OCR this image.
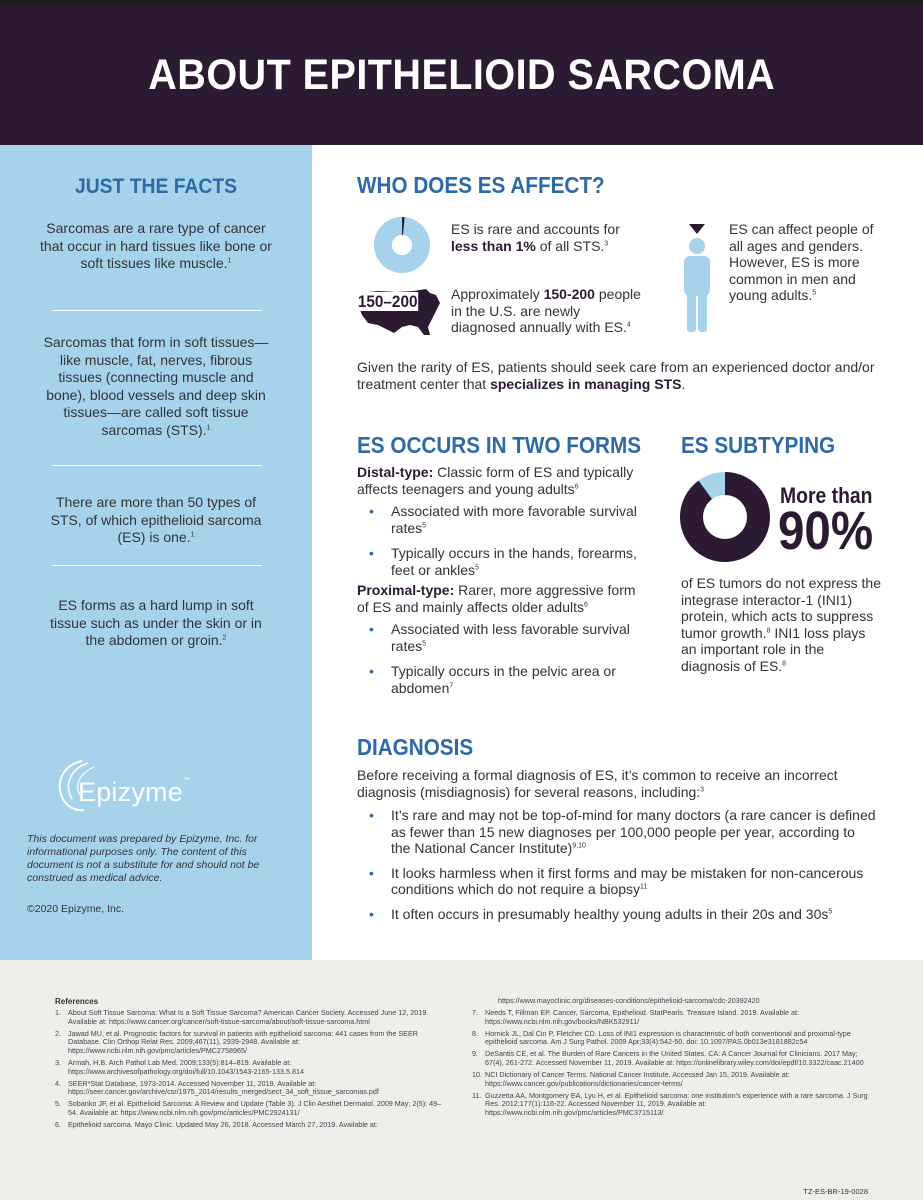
ABOUT EPITHELIOID SARCOMA
JUST THE FACTS
Sarcomas are a rare type of cancer that occur in hard tissues like bone or soft tissues like muscle.$^1$
Sarcomas that form in soft tissues—like muscle, fat, nerves, fibrous tissues (connecting muscle and bone), blood vessels and deep skin tissues—are called soft tissue sarcomas (STS).$^1$
There are more than 50 types of STS, of which epithelioid sarcoma (ES) is one.$^1$
ES forms as a hard lump in soft tissue such as under the skin or in the abdomen or groin.$^2$
Epizyme™
This document was prepared by Epizyme, Inc. for informational purposes only. The content of this document is not a substitute for and should not be construed as medical advice.
©2020 Epizyme, Inc.
WHO DOES ES AFFECT?
ES is rare and accounts for less than 1% of all STS.$^3$
150–200 Approximately 150-200 people in the U.S. are newly diagnosed annually with ES.$^4$
ES can affect people of all ages and genders. However, ES is more common in men and young adults.$^5$
Given the rarity of ES, patients should seek care from an experienced doctor and/or treatment center that specializes in managing STS.
ES OCCURS IN TWO FORMS
Distal-type: Classic form of ES and typically affects teenagers and young adults$^6$
• Associated with more favorable survival rates$^5$
• Typically occurs in the hands, forearms, feet or ankles$^5$
Proximal-type: Rarer, more aggressive form of ES and mainly affects older adults$^6$
• Associated with less favorable survival rates$^5$
• Typically occurs in the pelvic area or abdomen$^7$
ES SUBTYPING
More than
90%
of ES tumors do not express the integrase interactor-1 (INI1) protein, which acts to suppress tumor growth.$^8$ INI1 loss plays an important role in the diagnosis of ES.$^8$
DIAGNOSIS
Before receiving a formal diagnosis of ES, it’s common to receive an incorrect diagnosis (misdiagnosis) for several reasons, including:$^3$
• It’s rare and may not be top-of-mind for many doctors (a rare cancer is defined as fewer than 15 new diagnoses per 100,000 people per year, according to the National Cancer Institute)$^{9,10}$
• It looks harmless when it first forms and may be mistaken for non-cancerous conditions which do not require a biopsy$^{11}$
• It often occurs in presumably healthy young adults in their 20s and $30s^5$
References
1. About Soft Tissue Sarcoma: What Is a Soft Tissue Sarcoma? American Cancer Society. Accessed June 12, 2019. Available at: https://www.cancer.org/cancer/soft-tissue-sarcoma/about/soft-tissue-sarcoma.html
2. Jawad MU, et al. Prognostic factors for survival in patients with epithelioid sarcoma: 441 cases from the SEER Database. Clin Orthop Relat Res. 2009;467(11), 2939-2948. Available at: https://www.ncbi.nlm.nih.gov/pmc/articles/PMC2758965/
3. Armah, H.B. Arch Pathol Lab Med. 2009;133(5):814–819. Available at: https://www.archivesofpathology.org/doi/full/10.1043/1543-2165-133.5.814
4. SEER*Stat Database, 1973-2014. Accessed November 11, 2019. Available at: https://seer.cancer.gov/archive/csr/1975_2014/results_merged/sect_34_soft_tissue_sarcomas.pdf
5. Sobanko JF, et al. Epithelioid Sarcoma: A Review and Update (Table 3). J Clin Aesthet Dermatol. 2009 May; 2(5): 49–54. Available at: https://www.ncbi.nlm.nih.gov/pmc/articles/PMC2924131/
6. Epithelioid sarcoma. Mayo Clinic. Updated May 26, 2018. Accessed March 27, 2019. Available at:
https://www.mayoclinic.org/diseases-conditions/epithelioid-sarcoma/cdc-20392420
7. Needs T, Fillman EP. Cancer, Sarcoma, Epithelioid. StatPearls. Treasure Island. 2019. Available at: https://www.ncbi.nlm.nih.gov/books/NBK532911/
8. Hornick JL, Dal Cin P, Fletcher CD. Loss of INI1 expression is characteristic of both conventional and proximal-type epithelioid sarcoma. Am J Surg Pathol. 2009 Apr;33(4):542-50. doi: 10.1097/PAS.0b013e3181882c54
9. DeSantis CE, et al. The Burden of Rare Cancers in the United States. CA: A Cancer Journal for Clinicians. 2017 May; 67(4), 261-272. Accessed November 11, 2019. Available at: https://onlinelibrary.wiley.com/doi/epdf/10.3322/caac.21400
10. NCI Dictionary of Cancer Terms. National Cancer Institute. Accessed Jan 15, 2019. Available at: https://www.cancer.gov/publications/dictionaries/cancer-terms/
11. Guzzetta AA, Montgomery EA, Lyu H, et al. Epithelioid sarcoma: one institution's experience with a rare sarcoma. J Surg Res. 2012;177(1):116-22. Accessed November 11, 2019. Available at: https://www.ncbi.nlm.nih.gov/pmc/articles/PMC3715113/
TZ-ES-BR-19-0028
